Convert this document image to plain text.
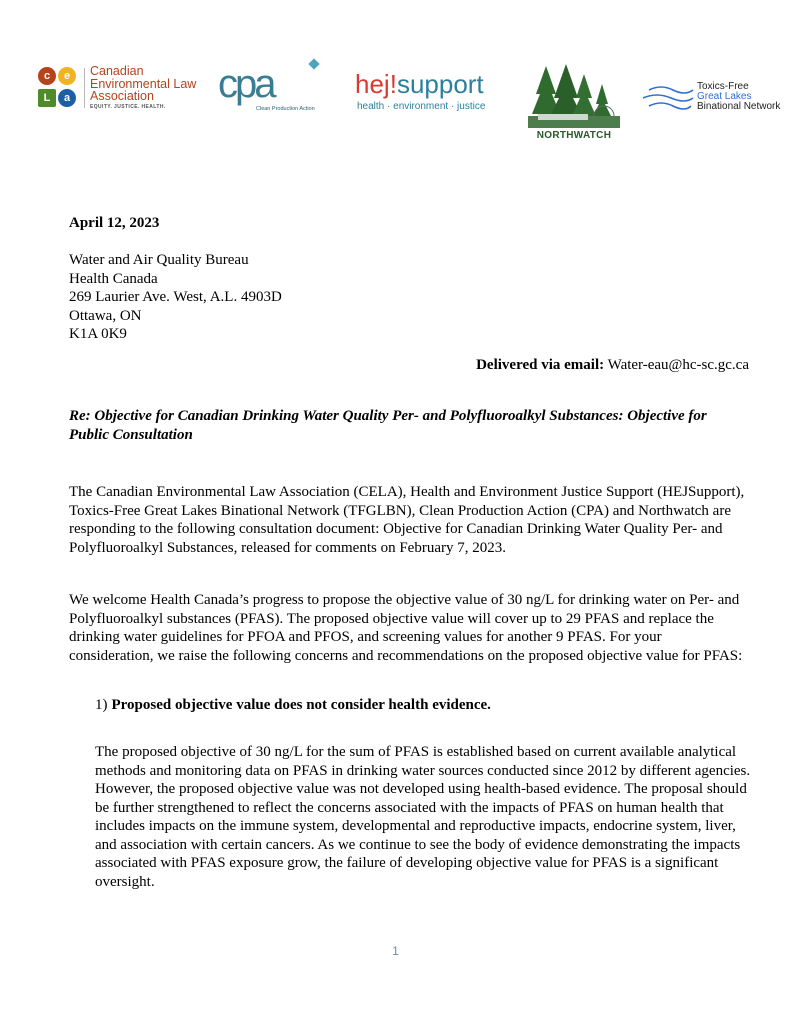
c	e
L	a
Canadian
Environmental Law
Association
EQUITY. JUSTICE. HEALTH.
cpa
Clean Production Action
hej!support
health · environment · justice
NORTHWATCH
Toxics-Free
Great Lakes
Binational Network
April 12, 2023
Water and Air Quality Bureau
Health Canada
269 Laurier Ave. West, A.L. 4903D
Ottawa, ON
K1A 0K9
Delivered via email: Water-eau@hc-sc.gc.ca

Re: Objective for Canadian Drinking Water Quality Per- and Polyfluoroalkyl Substances: Objective for Public Consultation

The Canadian Environmental Law Association (CELA), Health and Environment Justice Support (HEJSupport), Toxics-Free Great Lakes Binational Network (TFGLBN), Clean Production Action (CPA) and Northwatch are responding to the following consultation document: Objective for Canadian Drinking Water Quality Per- and Polyfluoroalkyl Substances, released for comments on February 7, 2023.

We welcome Health Canada’s progress to propose the objective value of 30 ng/L for drinking water on Per- and Polyfluoroalkyl substances (PFAS). The proposed objective value will cover up to 29 PFAS and replace the drinking water guidelines for PFOA and PFOS, and screening values for another 9 PFAS. For your consideration, we raise the following concerns and recommendations on the proposed objective value for PFAS:

1) Proposed objective value does not consider health evidence.

The proposed objective of 30 ng/L for the sum of PFAS is established based on current available analytical methods and monitoring data on PFAS in drinking water sources conducted since 2012 by different agencies. However, the proposed objective value was not developed using health-based evidence. The proposal should be further strengthened to reflect the concerns associated with the impacts of PFAS on human health that includes impacts on the immune system, developmental and reproductive impacts, endocrine system, liver, and association with certain cancers. As we continue to see the body of evidence demonstrating the impacts associated with PFAS exposure grow, the failure of developing objective value for PFAS is a significant oversight.

1
